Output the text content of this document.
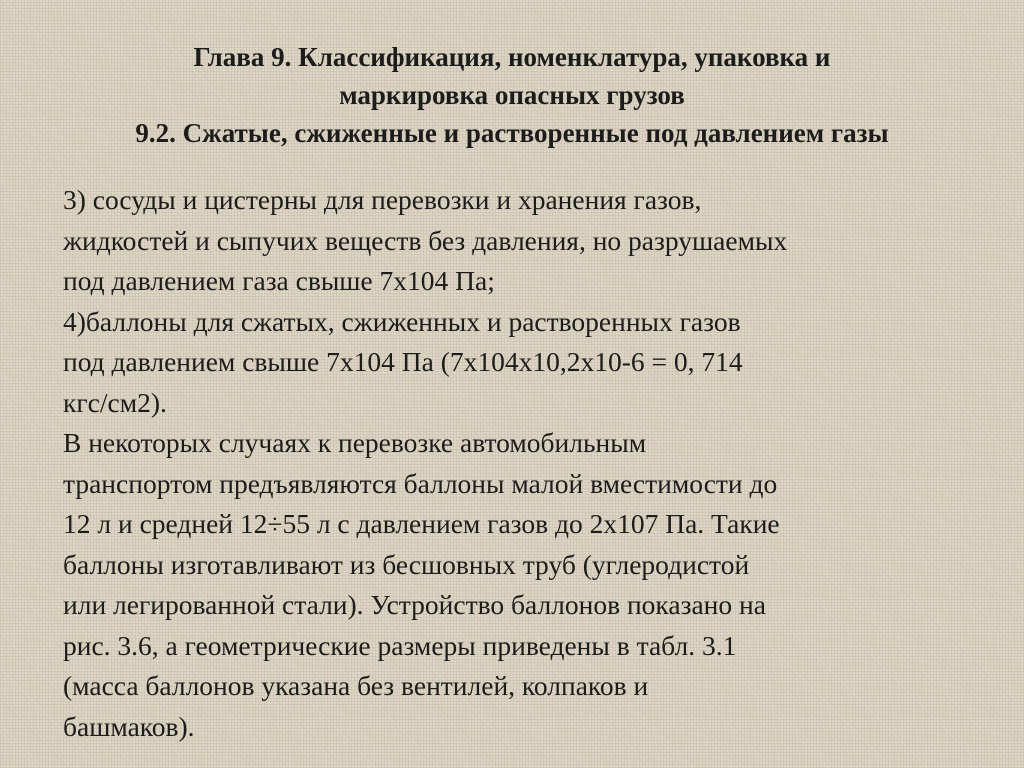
Глава 9. Классификация, номенклатура, упаковка и
маркировка опасных грузов
9.2. Сжатые, сжиженные и растворенные под давлением газы
3) сосуды и цистерны для перевозки и хранения газов,
жидкостей и сыпучих веществ без давления, но разрушаемых
под давлением газа свыше 7х104 Па;
4)баллоны для сжатых, сжиженных и растворенных газов
под давлением свыше 7х104 Па (7х104х10,2х10-6 = 0, 714
кгс/см2).
В некоторых случаях к перевозке автомобильным
транспортом предъявляются баллоны малой вместимости до
12 л и средней 12÷55 л с давлением газов до 2х107 Па. Такие
баллоны изготавливают из бесшовных труб (углеродистой
или легированной стали). Устройство баллонов показано на
рис. 3.6, а геометрические размеры приведены в табл. 3.1
(масса баллонов указана без вентилей, колпаков и
башмаков).
